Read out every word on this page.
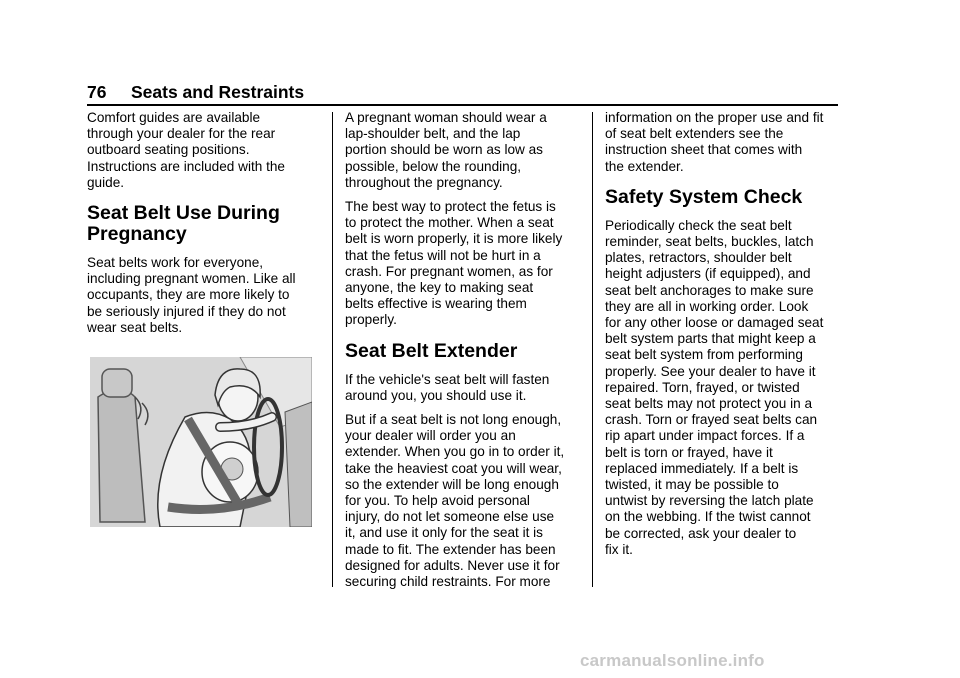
76 Seats and Restraints

Comfort guides are available
through your dealer for the rear
outboard seating positions.
Instructions are included with the
guide.

Seat Belt Use During
Pregnancy

Seat belts work for everyone,
including pregnant women. Like all
occupants, they are more likely to
be seriously injured if they do not
wear seat belts.

A pregnant woman should wear a
lap-shoulder belt, and the lap
portion should be worn as low as
possible, below the rounding,
throughout the pregnancy.

The best way to protect the fetus is
to protect the mother. When a seat
belt is worn properly, it is more likely
that the fetus will not be hurt in a
crash. For pregnant women, as for
anyone, the key to making seat
belts effective is wearing them
properly.

Seat Belt Extender

If the vehicle's seat belt will fasten
around you, you should use it.

But if a seat belt is not long enough,
your dealer will order you an
extender. When you go in to order it,
take the heaviest coat you will wear,
so the extender will be long enough
for you. To help avoid personal
injury, do not let someone else use
it, and use it only for the seat it is
made to fit. The extender has been
designed for adults. Never use it for
securing child restraints. For more

information on the proper use and fit
of seat belt extenders see the
instruction sheet that comes with
the extender.

Safety System Check

Periodically check the seat belt
reminder, seat belts, buckles, latch
plates, retractors, shoulder belt
height adjusters (if equipped), and
seat belt anchorages to make sure
they are all in working order. Look
for any other loose or damaged seat
belt system parts that might keep a
seat belt system from performing
properly. See your dealer to have it
repaired. Torn, frayed, or twisted
seat belts may not protect you in a
crash. Torn or frayed seat belts can
rip apart under impact forces. If a
belt is torn or frayed, have it
replaced immediately. If a belt is
twisted, it may be possible to
untwist by reversing the latch plate
on the webbing. If the twist cannot
be corrected, ask your dealer to
fix it.

carmanualsonline.info
